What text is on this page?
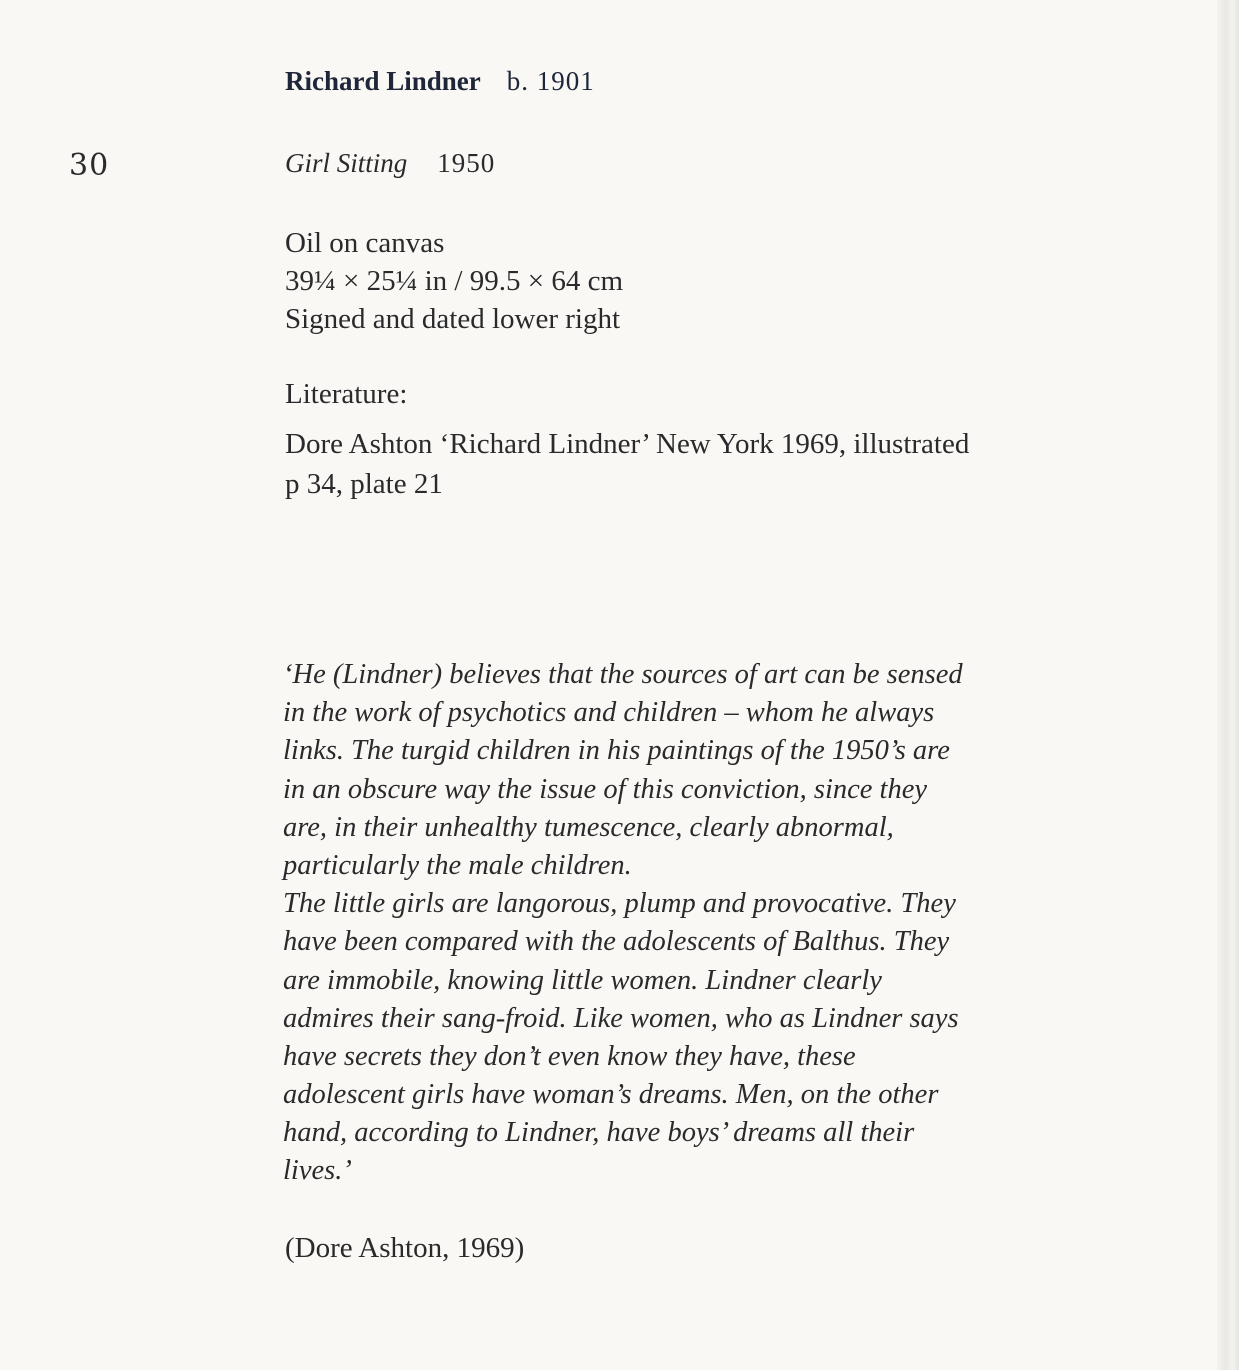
30
Richard Lindner b. 1901
Girl Sitting 1950
Oil on canvas
39¼ × 25¼ in / 99.5 × 64 cm
Signed and dated lower right
Literature:
Dore Ashton ‘Richard Lindner’ New York 1969, illustrated
p 34, plate 21
‘He (Lindner) believes that the sources of art can be sensed
in the work of psychotics and children – whom he always
links. The turgid children in his paintings of the 1950’s are
in an obscure way the issue of this conviction, since they
are, in their unhealthy tumescence, clearly abnormal,
particularly the male children.
The little girls are langorous, plump and provocative. They
have been compared with the adolescents of Balthus. They
are immobile, knowing little women. Lindner clearly
admires their sang-froid. Like women, who as Lindner says
have secrets they don’t even know they have, these
adolescent girls have woman’s dreams. Men, on the other
hand, according to Lindner, have boys’ dreams all their
lives.’
(Dore Ashton, 1969)
